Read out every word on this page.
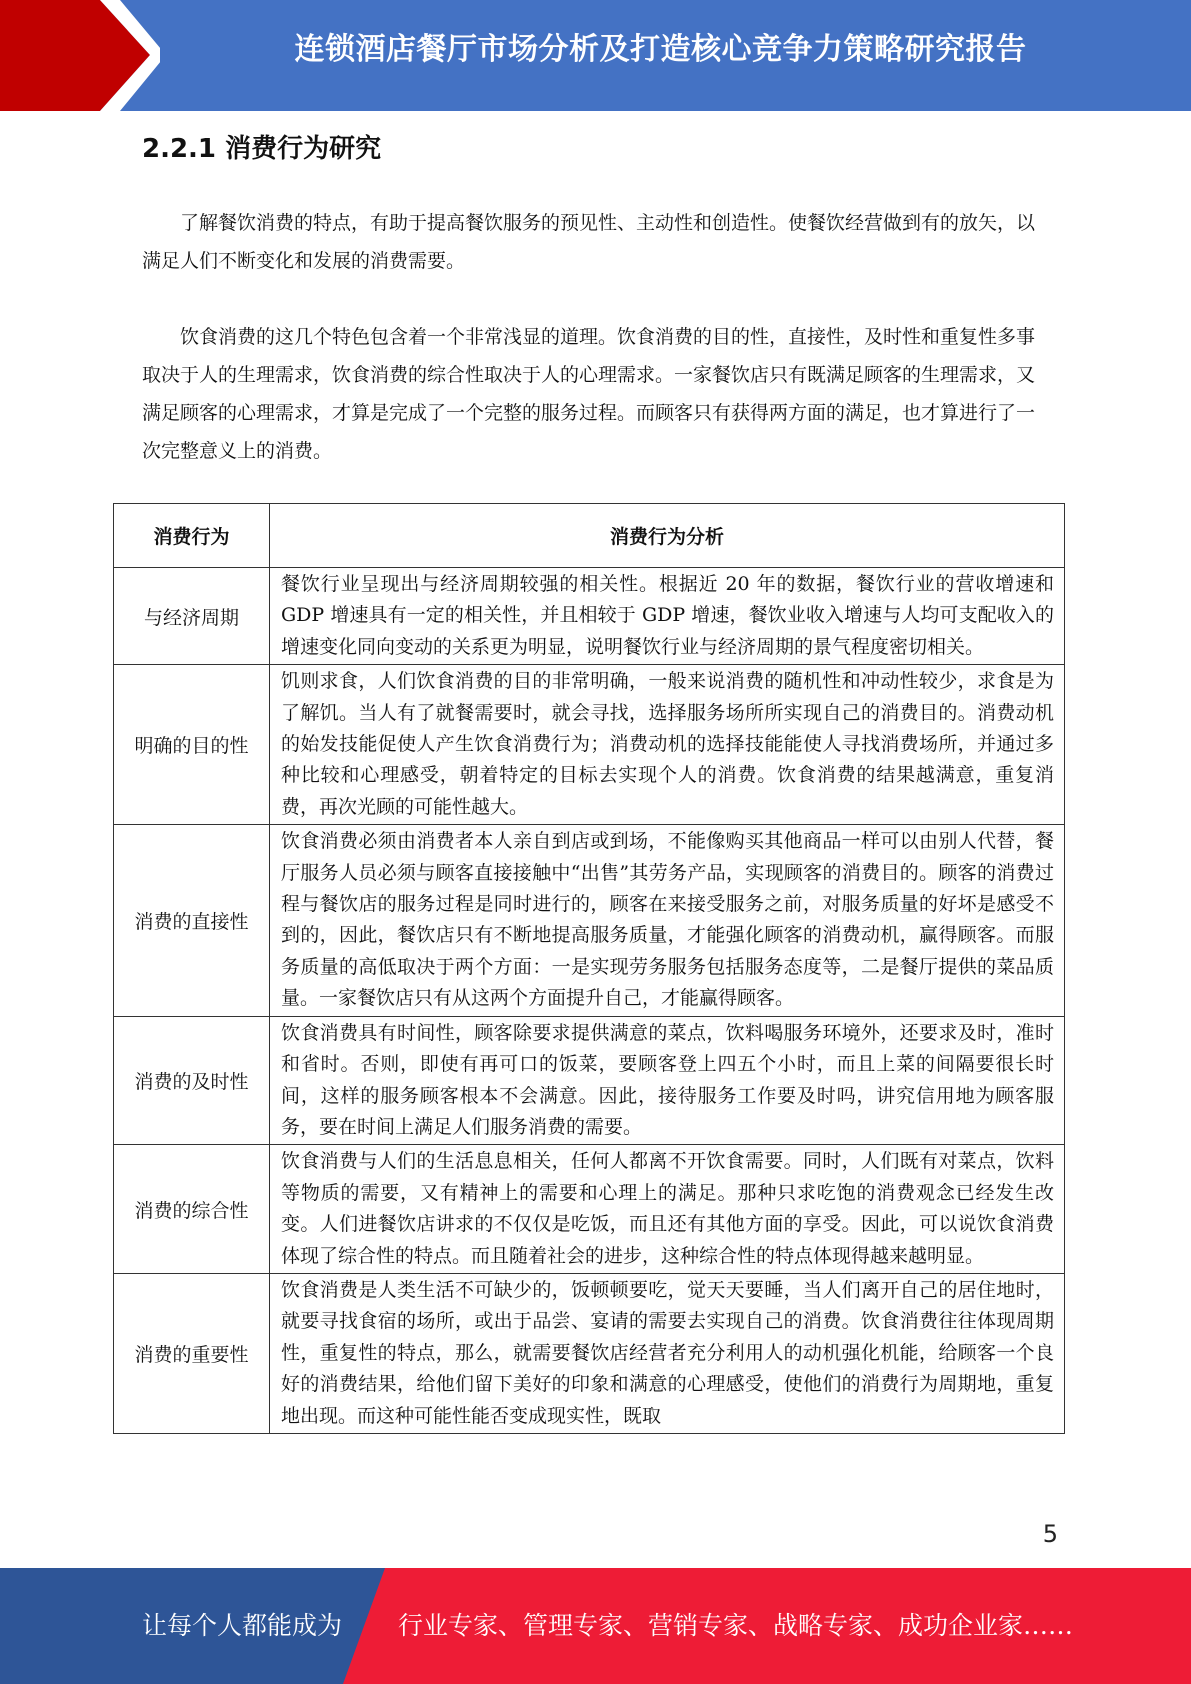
连锁酒店餐厅市场分析及打造核心竞争力策略研究报告
2.2.1 消费行为研究

了解餐饮消费的特点，有助于提高餐饮服务的预见性、主动性和创造性。使餐饮经营做到有的放矢，以满足人们不断变化和发展的消费需要。

饮食消费的这几个特色包含着一个非常浅显的道理。饮食消费的目的性，直接性，及时性和重复性多事取决于人的生理需求，饮食消费的综合性取决于人的心理需求。一家餐饮店只有既满足顾客的生理需求，又满足顾客的心理需求，才算是完成了一个完整的服务过程。而顾客只有获得两方面的满足，也才算进行了一次完整意义上的消费。

消费行为	消费行为分析
与经济周期	餐饮行业呈现出与经济周期较强的相关性。根据近 20 年的数据，餐饮行业的营收增速和 GDP 增速具有一定的相关性，并且相较于 GDP 增速，餐饮业收入增速与人均可支配收入的增速变化同向变动的关系更为明显，说明餐饮行业与经济周期的景气程度密切相关。
明确的目的性	饥则求食，人们饮食消费的目的非常明确，一般来说消费的随机性和冲动性较少，求食是为了解饥。当人有了就餐需要时，就会寻找，选择服务场所所实现自己的消费目的。消费动机的始发技能促使人产生饮食消费行为；消费动机的选择技能能使人寻找消费场所，并通过多种比较和心理感受，朝着特定的目标去实现个人的消费。饮食消费的结果越满意，重复消费，再次光顾的可能性越大。
消费的直接性	饮食消费必须由消费者本人亲自到店或到场，不能像购买其他商品一样可以由别人代替，餐厅服务人员必须与顾客直接接触中“出售”其劳务产品，实现顾客的消费目的。顾客的消费过程与餐饮店的服务过程是同时进行的，顾客在来接受服务之前，对服务质量的好坏是感受不到的，因此，餐饮店只有不断地提高服务质量，才能强化顾客的消费动机，赢得顾客。而服务质量的高低取决于两个方面：一是实现劳务服务包括服务态度等，二是餐厅提供的菜品质量。一家餐饮店只有从这两个方面提升自己，才能赢得顾客。
消费的及时性	饮食消费具有时间性，顾客除要求提供满意的菜点，饮料喝服务环境外，还要求及时，准时和省时。否则，即使有再可口的饭菜，要顾客登上四五个小时，而且上菜的间隔要很长时间，这样的服务顾客根本不会满意。因此，接待服务工作要及时吗，讲究信用地为顾客服务，要在时间上满足人们服务消费的需要。
消费的综合性	饮食消费与人们的生活息息相关，任何人都离不开饮食需要。同时，人们既有对菜点，饮料等物质的需要，又有精神上的需要和心理上的满足。那种只求吃饱的消费观念已经发生改变。人们进餐饮店讲求的不仅仅是吃饭，而且还有其他方面的享受。因此，可以说饮食消费体现了综合性的特点。而且随着社会的进步，这种综合性的特点体现得越来越明显。
消费的重要性	饮食消费是人类生活不可缺少的，饭顿顿要吃，觉天天要睡，当人们离开自己的居住地时，就要寻找食宿的场所，或出于品尝、宴请的需要去实现自己的消费。饮食消费往往体现周期性，重复性的特点，那么，就需要餐饮店经营者充分利用人的动机强化机能，给顾客一个良好的消费结果，给他们留下美好的印象和满意的心理感受，使他们的消费行为周期地，重复地出现。而这种可能性能否变成现实性，既取
5
让每个人都能成为 行业专家、管理专家、营销专家、战略专家、成功企业家……
